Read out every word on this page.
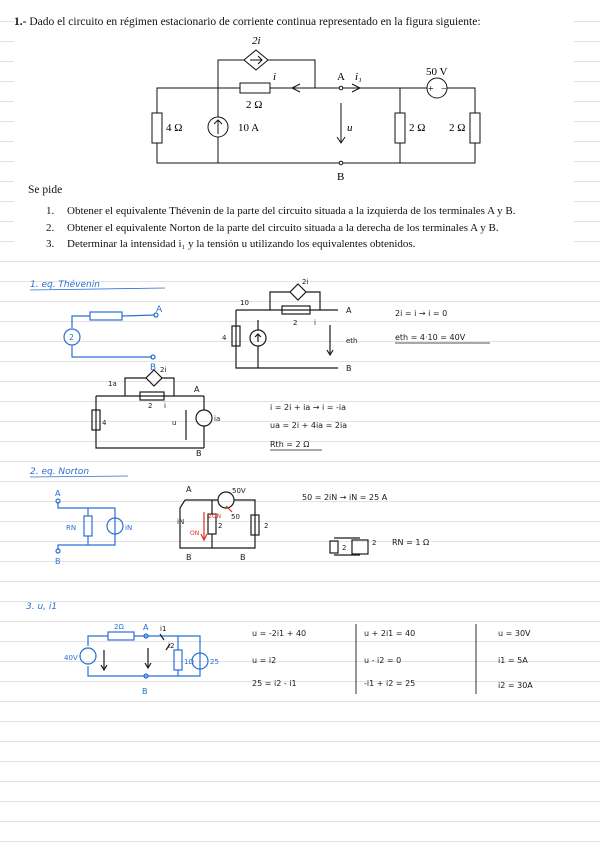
1.- Dado el circuito en régimen estacionario de corriente continua representado en la figura siguiente:
2i
i
2 Ω
4 Ω	10 A
A i₁
u
B
+ −
50 V
2 Ω 2 Ω
Se pide
1. Obtener el equivalente Thévenin de la parte del circuito situada a la izquierda de los terminales A y B.
2. Obtener el equivalente Norton de la parte del circuito situada a la derecha de los terminales A y B.
3. Determinar la intensidad i₁ y la tensión u utilizando los equivalentes obtenidos.
1. eq. Thévenin
A
B
2
2i
10
4
2 i
A
B
eth
2i = i → i = 0
eth = 4·10 = 40V
1a
2i
4
2 i
A
B
ia
u
i = 2i + ia → i = -ia
ua = 2i + 4ia = 2ia
Rth = 2 Ω
2. eq. Norton
A
B
RN	iN
A	50V
iN
50
2	2
2ON
ON
B	B
50 = 2iN → iN = 25 A
2
2 RN = 1 Ω
3. u, i1
2Ω A i1
40V
i2
1Ω 25
B
u = -2i1 + 40
u = i2
25 = i2 - i1
u + 2i1 = 40
u - i2 = 0
-i1 + i2 = 25
u = 30V
i1 = 5A
i2 = 30A
